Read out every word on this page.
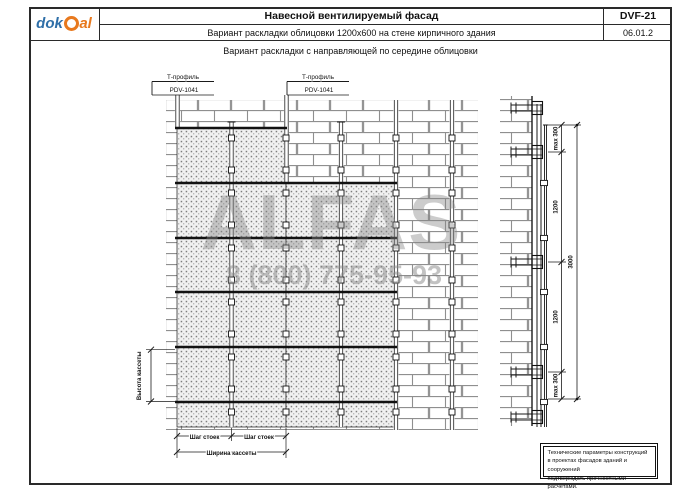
dok al	Навесной вентилируемый фасад
Вариант раскладки облицовки 1200х600 на стене кирпичного здания
DVF-21
06.01.2
Вариант раскладки с направляющей по середине облицовки
Т-профиль
PDV-1041
Т-профиль
PDV-1041
Высота кассеты
Шаг стоек	Шаг стоек
Ширина кассеты
max 300
1200
1200
max 300
3000
ALFAS
8 (800) 775-95-93
Технические параметры конструкций
в проектах фасадов зданий и сооружений
подтверждать прочностными расчетами.
